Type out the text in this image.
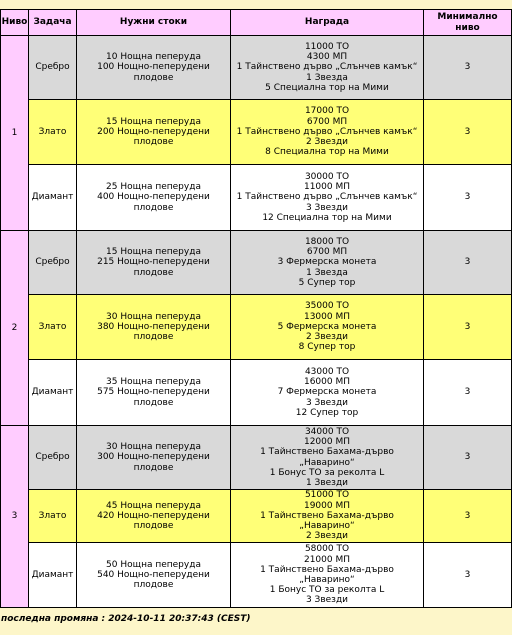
Ниво	Задача	Нужни стоки	Награда	Минимално ниво
1	Сребро	10 Нощна пеперуда
100 Нощно-пеперудени плодове	11000 ТО
4300 МП
1 Тайнствено дърво „Слънчев камък“
1 Звезда
5 Специална тор на Мими	3
	Злато	15 Нощна пеперуда
200 Нощно-пеперудени плодове	17000 ТО
6700 МП
1 Тайнствено дърво „Слънчев камък“
2 Звезди
8 Специална тор на Мими	3
	Диамант	25 Нощна пеперуда
400 Нощно-пеперудени плодове	30000 ТО
11000 МП
1 Тайнствено дърво „Слънчев камък“
3 Звезди
12 Специална тор на Мими	3
2	Сребро	15 Нощна пеперуда
215 Нощно-пеперудени плодове	18000 ТО
6700 МП
3 Фермерска монета
1 Звезда
5 Супер тор	3
	Злато	30 Нощна пеперуда
380 Нощно-пеперудени плодове	35000 ТО
13000 МП
5 Фермерска монета
2 Звезди
8 Супер тор	3
	Диамант	35 Нощна пеперуда
575 Нощно-пеперудени плодове	43000 ТО
16000 МП
7 Фермерска монета
3 Звезди
12 Супер тор	3
3	Сребро	30 Нощна пеперуда
300 Нощно-пеперудени плодове	34000 ТО
12000 МП
1 Тайнствено Бахама-дърво „Наварино“
1 Бонус ТО за реколта L
1 Звезди	3
	Злато	45 Нощна пеперуда
420 Нощно-пеперудени плодове	51000 ТО
19000 МП
1 Тайнствено Бахама-дърво „Наварино“
2 Звезди	3
	Диамант	50 Нощна пеперуда
540 Нощно-пеперудени плодове	58000 ТО
21000 МП
1 Тайнствено Бахама-дърво „Наварино“
1 Бонус ТО за реколта L
3 Звезди	3
последна промяна : 2024-10-11 20:37:43 (CEST)
